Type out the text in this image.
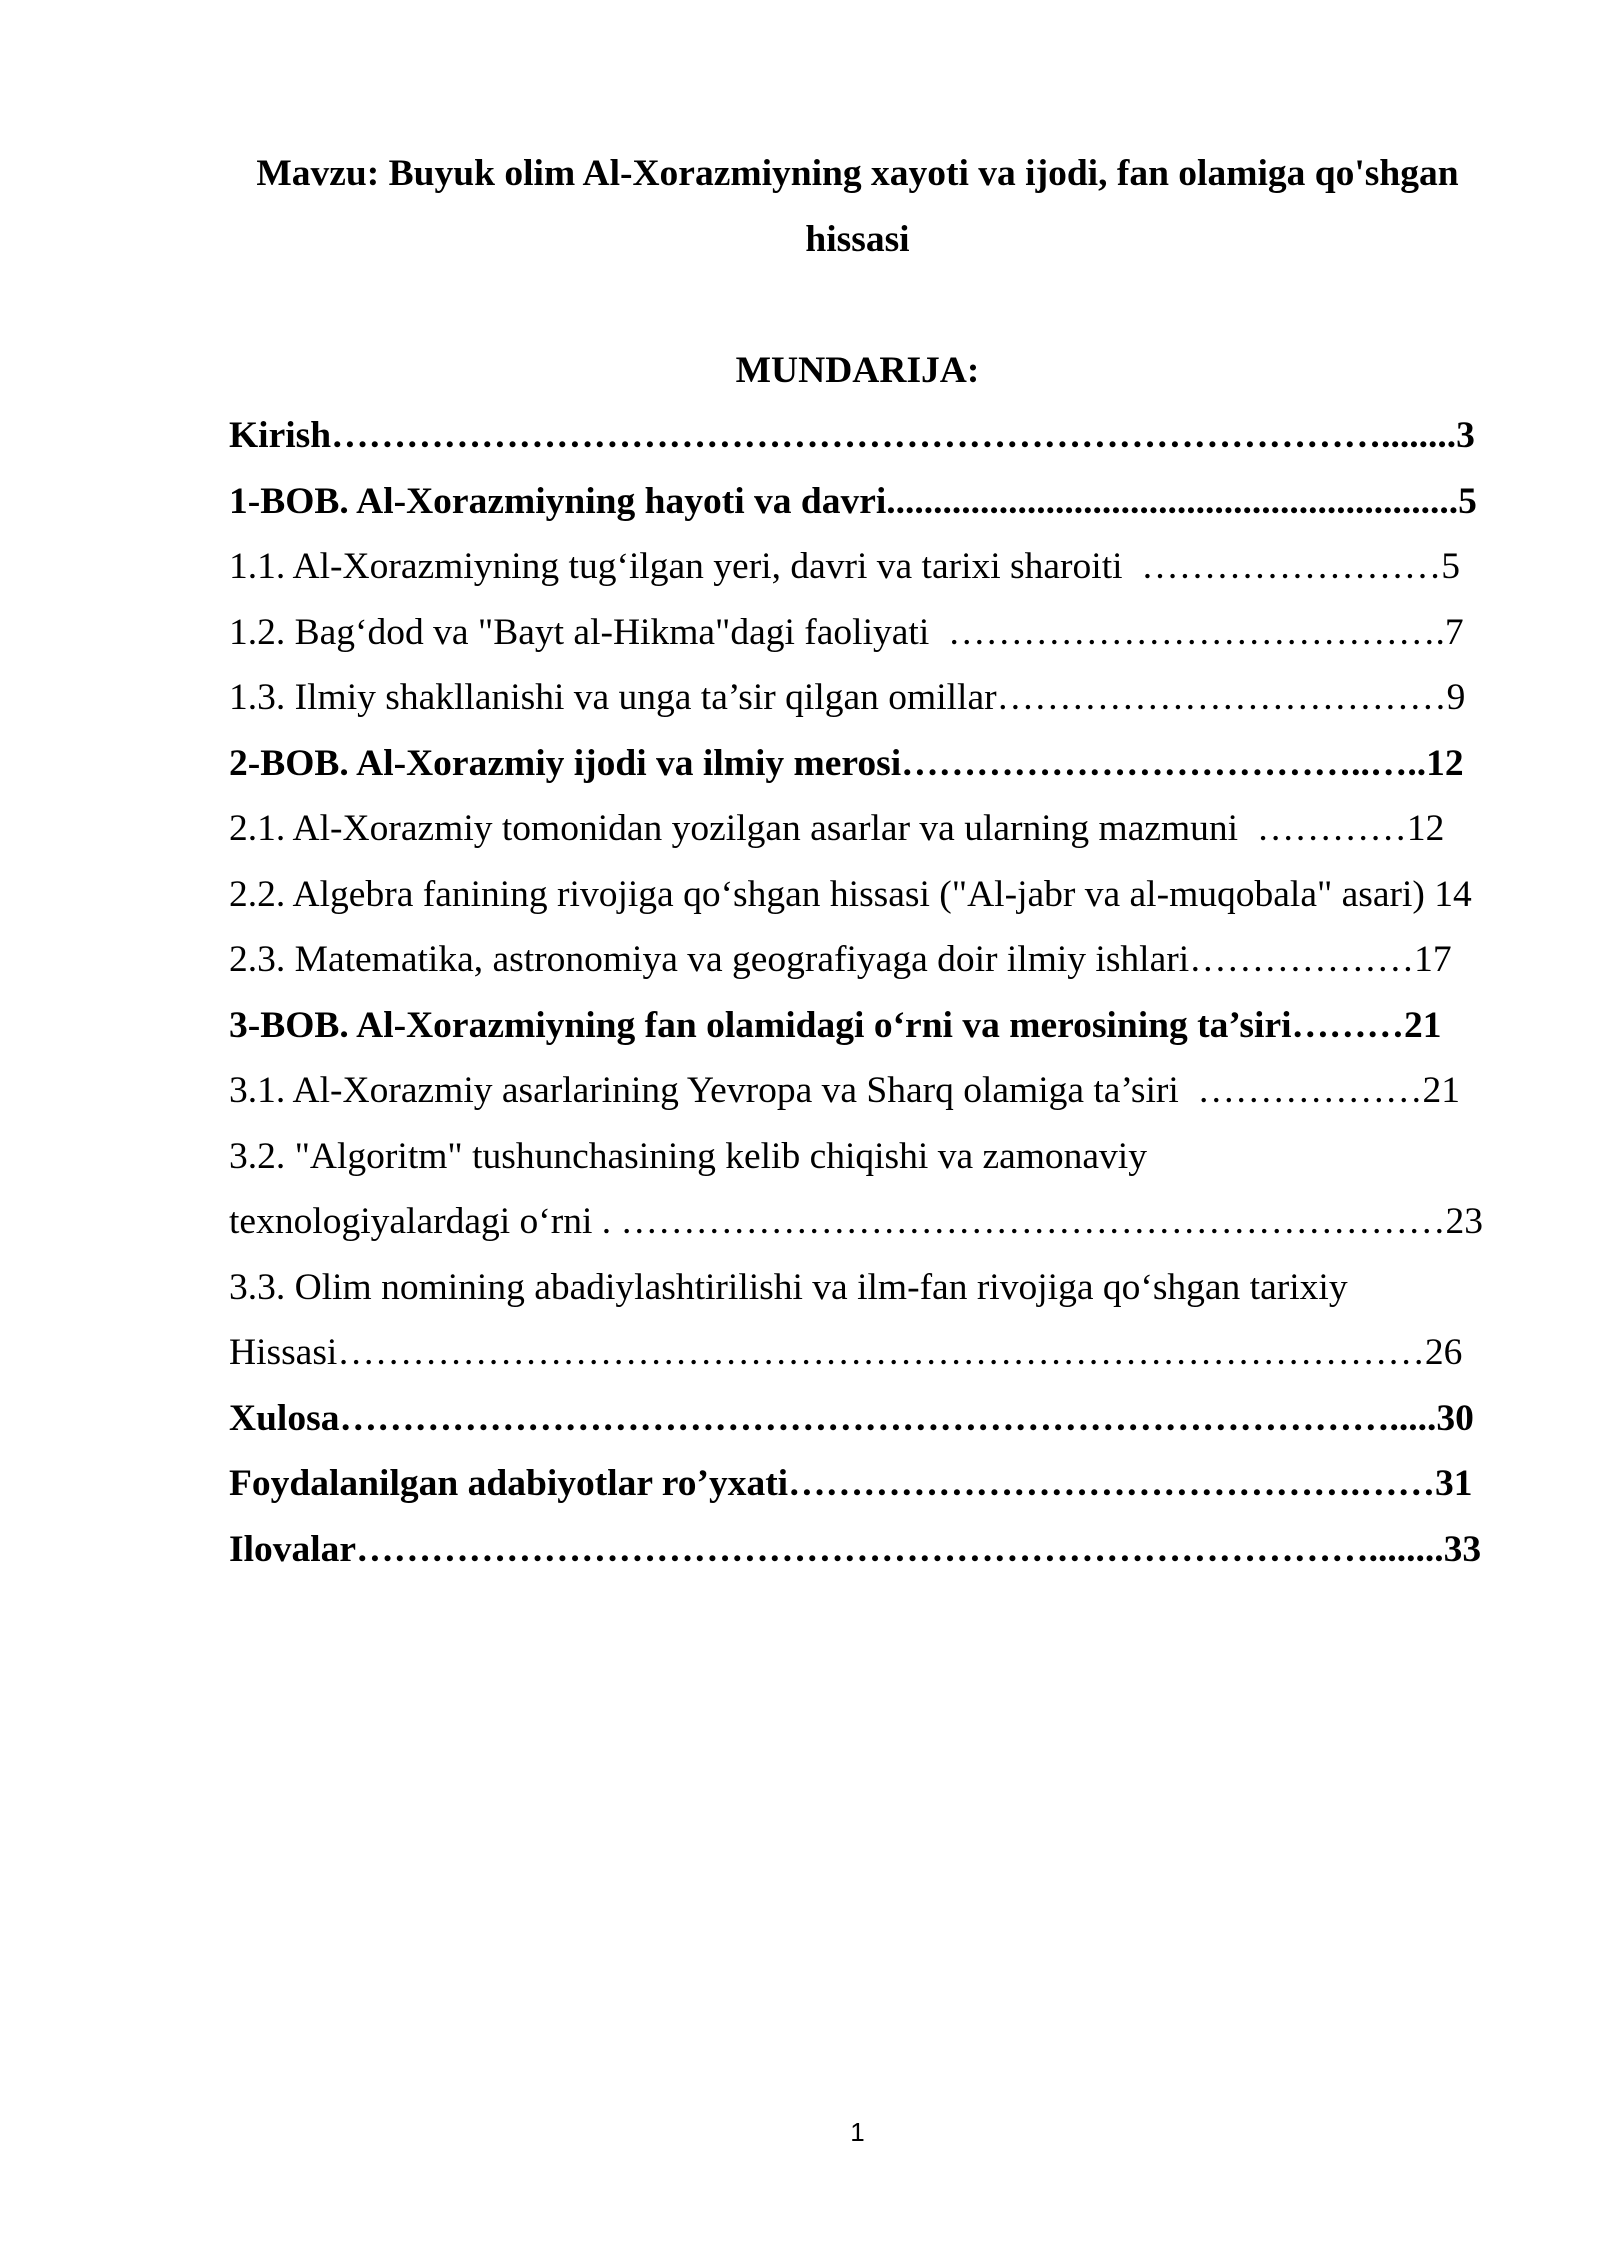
Mavzu: Buyuk olim Al-Xorazmiyning xayoti va ijodi, fan olamiga qo'shgan hissasi

MUNDARIJA:

Kirish…………………………………………………………………………........3
1-BOB. Al-Xorazmiyning hayoti va davri.............................................................5
1.1. Al-Xorazmiyning tug‘ilgan yeri, davri va tarixi sharoiti  ……………………5
1.2. Bag‘dod va "Bayt al-Hikma"dagi faoliyati  ………………………………….7
1.3. Ilmiy shakllanishi va unga ta’sir qilgan omillar………………………………9
2-BOB. Al-Xorazmiy ijodi va ilmiy merosi………………………………..…..12
2.1. Al-Xorazmiy tomonidan yozilgan asarlar va ularning mazmuni  …………12
2.2. Algebra fanining rivojiga qo‘shgan hissasi ("Al-jabr va al-muqobala" asari) 14
2.3. Matematika, astronomiya va geografiyaga doir ilmiy ishlari………………17
3-BOB. Al-Xorazmiyning fan olamidagi o‘rni va merosining ta’siri………21
3.1. Al-Xorazmiy asarlarining Yevropa va Sharq olamiga ta’siri  ………………21
3.2. "Algoritm" tushunchasining kelib chiqishi va zamonaviy
texnologiyalardagi o‘rni . …………………………………………………………23
3.3. Olim nomining abadiylashtirilishi va ilm-fan rivojiga qo‘shgan tarixiy
Hissasi……………………………………………………………………………26
Xulosa………………………………………………………………………….....30
Foydalanilgan adabiyotlar ro’yxati……………………………………….……31
Ilovalar………………………………………………………………………........33
1
